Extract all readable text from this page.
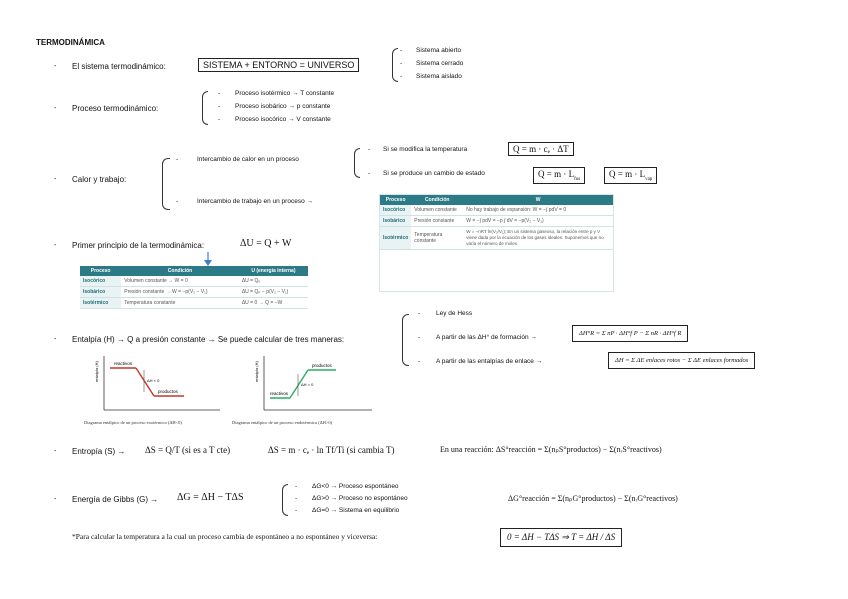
TERMODINÁMICA
- El sistema termodinámico:	SISTEMA + ENTORNO = UNIVERSO
- Sistema abierto
- Sistema cerrado
- Sistema aislado
- Proceso termodinámico:
- Proceso isotérmico → T constante
- Proceso isobárico → p constante
- Proceso isocórico → V constante
- Calor y trabajo:
-	Intercambio de calor en un proceso
- Si se modifica la temperatura	Q = m · cₑ · ΔT
- Si se produce un cambio de estado	$Q = m \cdot L_{fus}$
$Q = m \cdot L_{vap}$
-	Intercambio de trabajo en un proceso →	Proceso	Condición	W
Isocórico	Volumen constante	No hay trabajo de expansión: W = −∫ pdV = 0
Isobárico	Presión constante	W = −∫ pdV = −p ∫ dV = −p(V₂ − V₁)
Isotérmico	Temperatura constante	W = −nRT ln(V₂/V₁); En un sistema gaseoso, la relación entre p y V viene dada por la ecuación de los gases ideales. Suponemos que no varía el número de moles.
- Primer principio de la termodinámica:	ΔU = Q + W
Proceso	Condición	U (energía interna)
Isocórico	Volumen constante → W = 0	ΔU = Qᵥ
Isobárico	Presión constante → W = −p(V₂ − V₁)	ΔU = Qₚ − p(V₂ − V₁)
Isotérmico	Temperatura constante	ΔU = 0 → Q = −W
- Entalpía (H) → Q a presión constante → Se puede calcular de tres maneras:
- Ley de Hess
- A partir de las ΔH° de formación →
- A partir de las entalpías de enlace →
ΔH°R = Σ nP · ΔH°f P − Σ nR · ΔH°f R
ΔH = Σ ΔE enlaces rotos − Σ ΔE enlaces formados
entalpía (H)	reactivos
productos
ΔH < 0
Diagrama entálpico de un proceso exotérmico (ΔH<0)
entalpía (H)	productos
reactivos
ΔH > 0
Diagrama entálpico de un proceso endotérmico (ΔH>0)
- Entropía (S) → ΔS = Q/T (si es a T cte)	ΔS = m · cₑ · ln Tf/Ti (si cambia T)	En una reacción: ΔS°reacción = Σ(nₚS°productos) − Σ(nᵣS°reactivos)
- Energía de Gibbs (G) → ΔG = ΔH − TΔS
- ΔG<0 → Proceso espontáneo
- ΔG>0 → Proceso no espontáneo
- ΔG=0 → Sistema en equilibrio
ΔG°reacción = Σ(nₚG°productos) − Σ(nᵣG°reactivos)
*Para calcular la temperatura a la cual un proceso cambia de espontáneo a no espontáneo y viceversa:	0 = ΔH − TΔS ⇒ T = ΔH / ΔS
